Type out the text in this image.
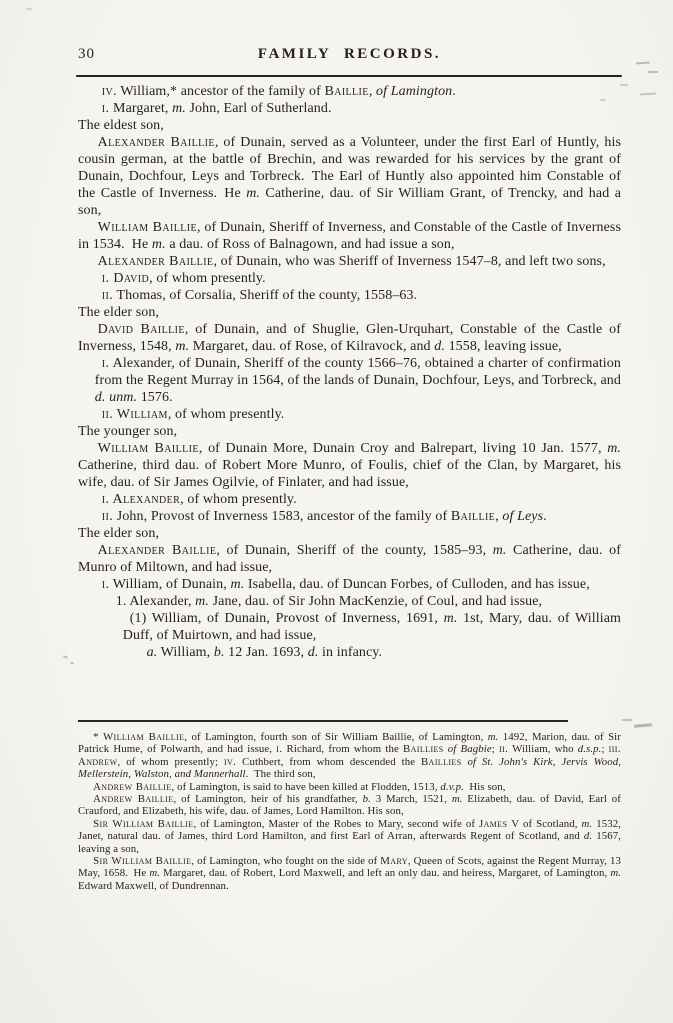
30	FAMILY RECORDS.

iv. William,* ancestor of the family of Baillie, of Lamington.

i. Margaret, m. John, Earl of Sutherland.

The eldest son,

Alexander Baillie, of Dunain, served as a Volunteer, under the first Earl of Huntly, his cousin german, at the battle of Brechin, and was rewarded for his services by the grant of Dunain, Dochfour, Leys and Torbreck. The Earl of Huntly also appointed him Constable of the Castle of Inverness. He m. Catherine, dau. of Sir William Grant, of Trencky, and had a son,

William Baillie, of Dunain, Sheriff of Inverness, and Constable of the Castle of Inverness in 1534. He m. a dau. of Ross of Balnagown, and had issue a son,

Alexander Baillie, of Dunain, who was Sheriff of Inverness 1547–8, and left two sons,

i. David, of whom presently.

ii. Thomas, of Corsalia, Sheriff of the county, 1558–63.

The elder son,

David Baillie, of Dunain, and of Shuglie, Glen-Urquhart, Constable of the Castle of Inverness, 1548, m. Margaret, dau. of Rose, of Kilravock, and d. 1558, leaving issue,

i. Alexander, of Dunain, Sheriff of the county 1566–76, obtained a charter of confirmation from the Regent Murray in 1564, of the lands of Dunain, Dochfour, Leys, and Torbreck, and d. unm. 1576.

ii. William, of whom presently.

The younger son,

William Baillie, of Dunain More, Dunain Croy and Balrepart, living 10 Jan. 1577, m. Catherine, third dau. of Robert More Munro, of Foulis, chief of the Clan, by Margaret, his wife, dau. of Sir James Ogilvie, of Finlater, and had issue,

i. Alexander, of whom presently.

ii. John, Provost of Inverness 1583, ancestor of the family of Baillie, of Leys.

The elder son,

Alexander Baillie, of Dunain, Sheriff of the county, 1585–93, m. Catherine, dau. of Munro of Miltown, and had issue,

i. William, of Dunain, m. Isabella, dau. of Duncan Forbes, of Culloden, and has issue,

1. Alexander, m. Jane, dau. of Sir John MacKenzie, of Coul, and had issue,

(1) William, of Dunain, Provost of Inverness, 1691, m. 1st, Mary, dau. of William Duff, of Muirtown, and had issue,

a. William, b. 12 Jan. 1693, d. in infancy.

* William Baillie, of Lamington, fourth son of Sir William Baillie, of Lamington, m. 1492, Marion, dau. of Sir Patrick Hume, of Polwarth, and had issue, i. Richard, from whom the Baillies of Bagbie; ii. William, who d.s.p.; iii. Andrew, of whom presently; iv. Cuthbert, from whom descended the Baillies of St. John's Kirk, Jervis Wood, Mellerstein, Walston, and Mannerhall. The third son,

Andrew Baillie, of Lamington, is said to have been killed at Flodden, 1513, d.v.p. His son,

Andrew Baillie, of Lamington, heir of his grandfather, b. 3 March, 1521, m. Elizabeth, dau. of David, Earl of Crauford, and Elizabeth, his wife, dau. of James, Lord Hamilton. His son,

Sir William Baillie, of Lamington, Master of the Robes to Mary, second wife of James V of Scotland, m. 1532, Janet, natural dau. of James, third Lord Hamilton, and first Earl of Arran, afterwards Regent of Scotland, and d. 1567, leaving a son,

Sir William Baillie, of Lamington, who fought on the side of Mary, Queen of Scots, against the Regent Murray, 13 May, 1658. He m. Margaret, dau. of Robert, Lord Maxwell, and left an only dau. and heiress, Margaret, of Lamington, m. Edward Maxwell, of Dundrennan.
